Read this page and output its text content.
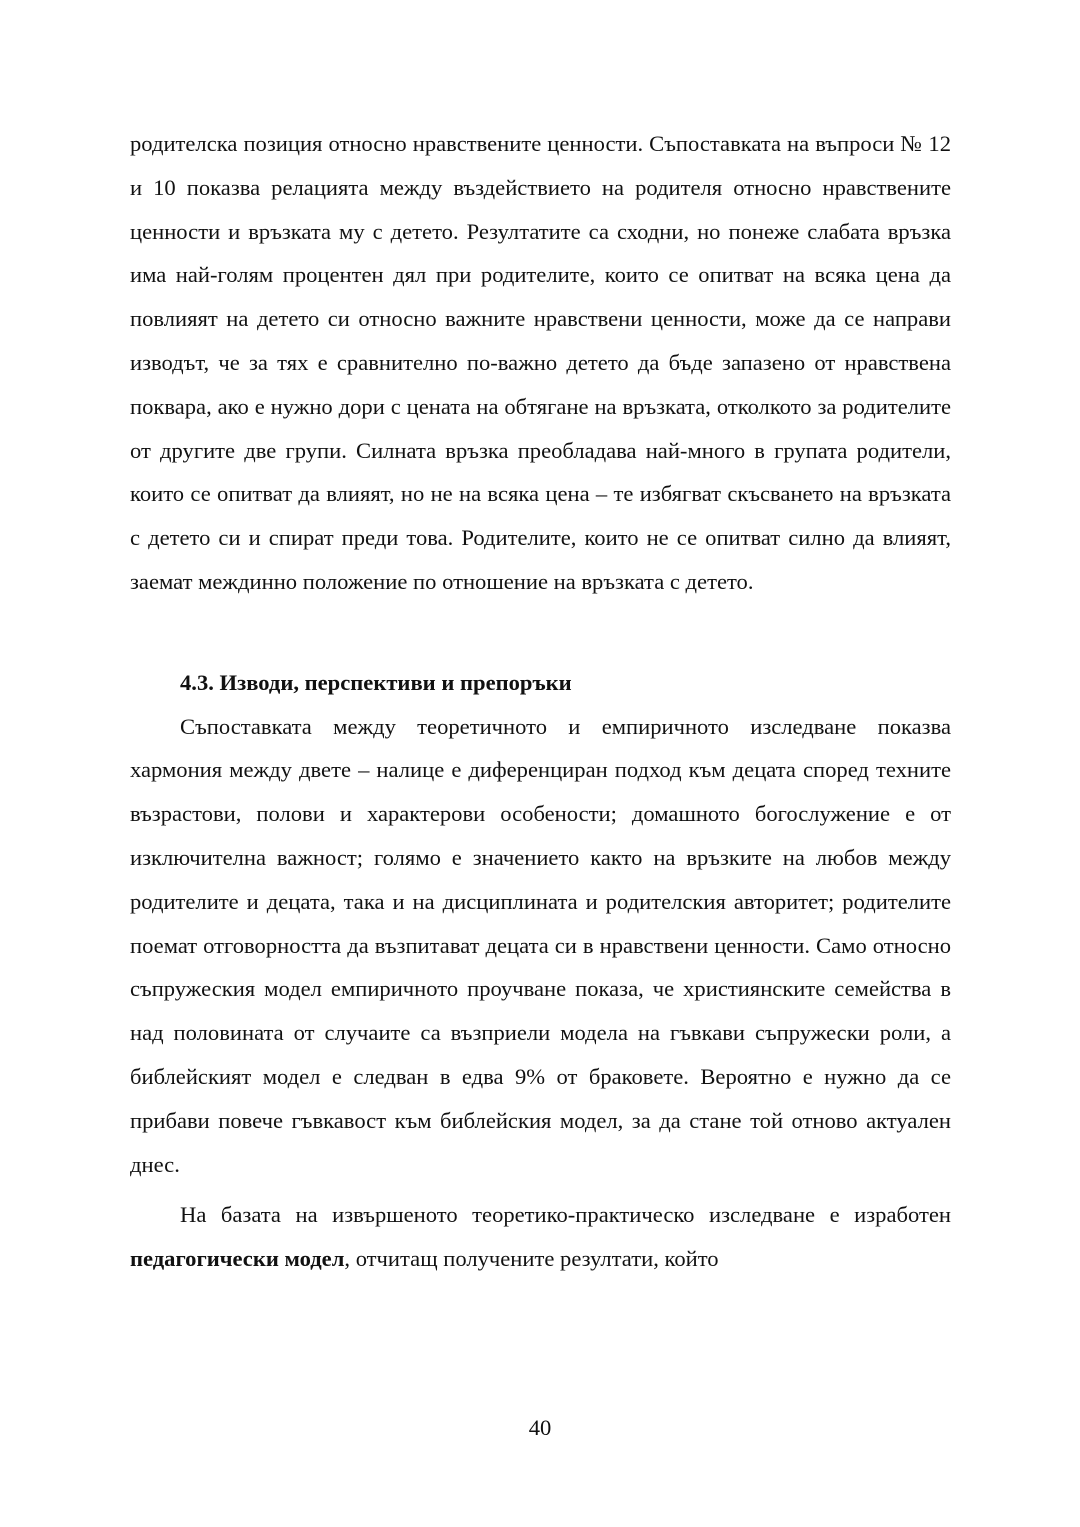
родителска позиция относно нравствените ценности. Съпоставката на въпроси № 12 и 10 показва релацията между въздействието на родителя относно нравствените ценности и връзката му с детето. Резултатите са сходни, но понеже слабата връзка има най-голям процентен дял при родителите, които се опитват на всяка цена да повлияят на детето си относно важните нравствени ценности, може да се направи изводът, че за тях е сравнително по-важно детето да бъде запазено от нравствена поквара, ако е нужно дори с цената на обтягане на връзката, отколкото за родителите от другите две групи. Силната връзка преобладава най-много в групата родители, които се опитват да влияят, но не на всяка цена – те избягват скъсването на връзката с детето си и спират преди това. Родителите, които не се опитват силно да влияят, заемат междинно положение по отношение на връзката с детето.

4.3. Изводи, перспективи и препоръки

Съпоставката между теоретичното и емпиричното изследване показва хармония между двете – налице е диференциран подход към децата според техните възрастови, полови и характерови особености; домашното богослужение е от изключителна важност; голямо е значението както на връзките на любов между родителите и децата, така и на дисциплината и родителския авторитет; родителите поемат отговорността да възпитават децата си в нравствени ценности. Само относно съпружеския модел емпиричното проучване показа, че християнските семейства в над половината от случаите са възприели модела на гъвкави съпружески роли, а библейският модел е следван в едва 9% от браковете. Вероятно е нужно да се прибави повече гъвкавост към библейския модел, за да стане той отново актуален днес.

На базата на извършеното теоретико-практическо изследване е изработен педагогически модел, отчитащ получените резултати, който

40
